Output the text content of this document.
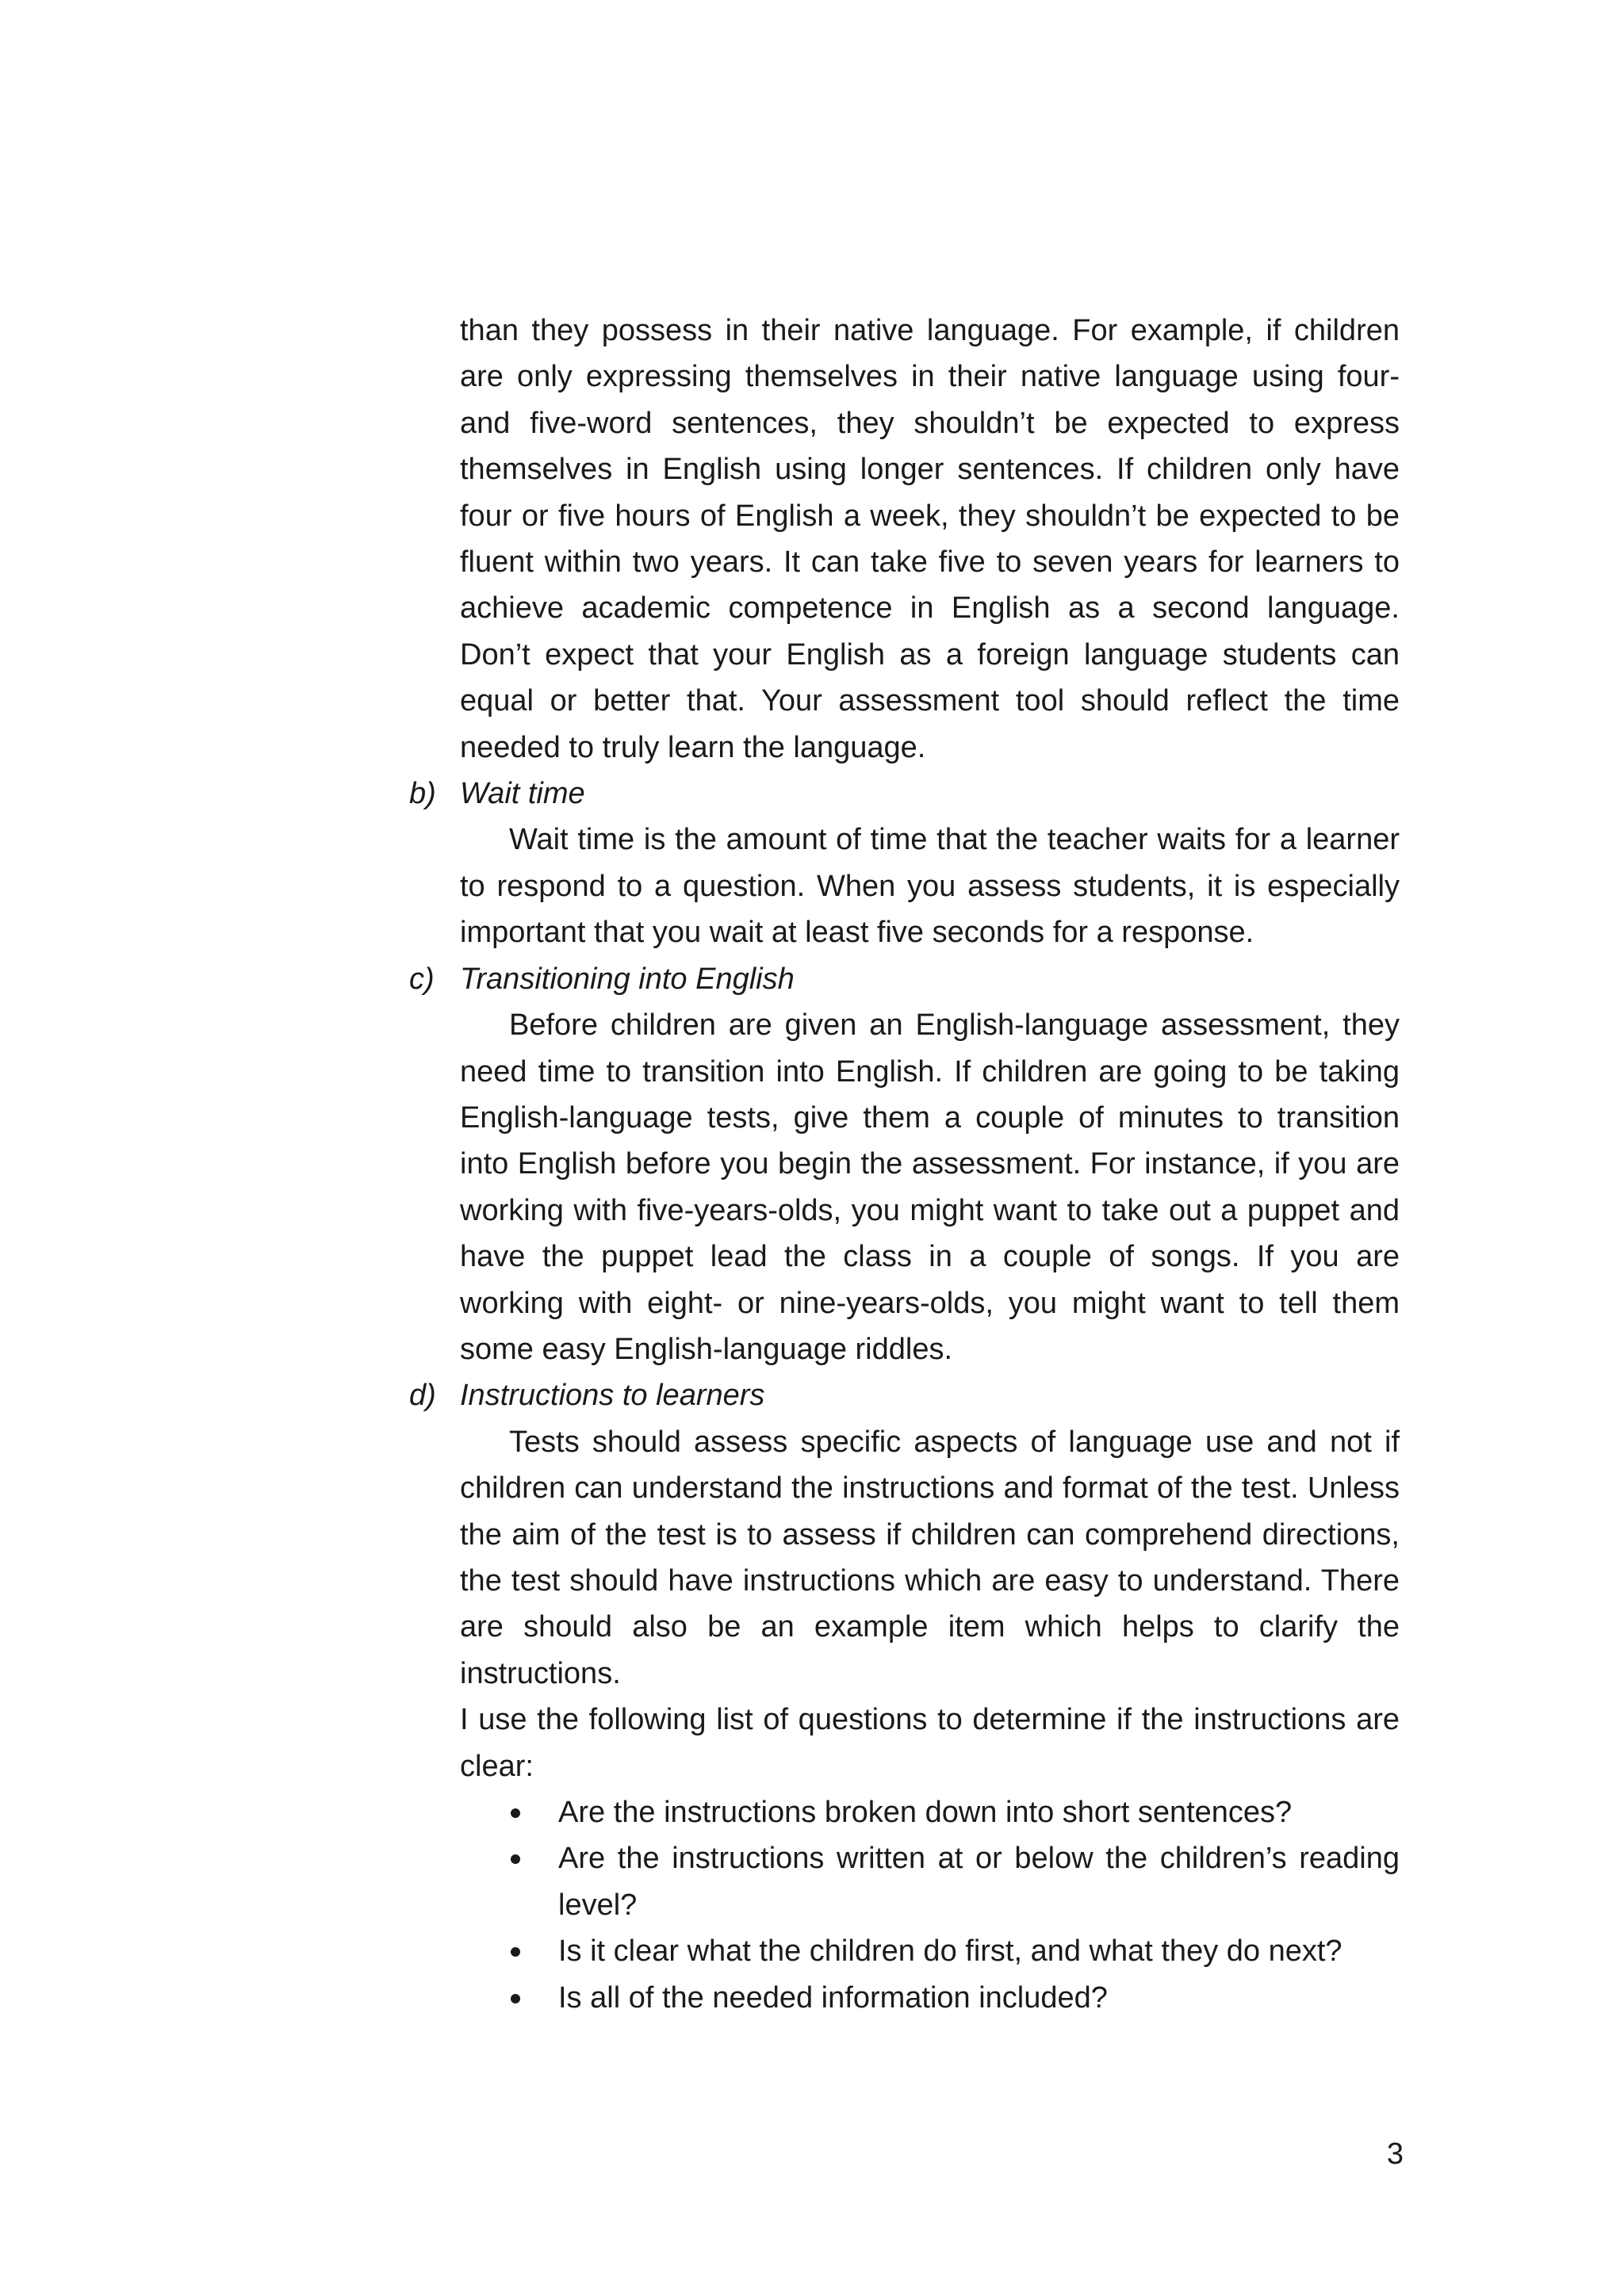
than they possess in their native language. For example, if children are only expressing themselves in their native language using four- and five-word sentences, they shouldn’t be expected to express themselves in English using longer sentences. If children only have four or five hours of English a week, they shouldn’t be expected to be fluent within two years. It can take five to seven years for learners to achieve academic competence in English as a second language. Don’t expect that your English as a foreign language students can equal or better that. Your assessment tool should reflect the time needed to truly learn the language.

b) Wait time

Wait time is the amount of time that the teacher waits for a learner to respond to a question. When you assess students, it is especially important that you wait at least five seconds for a response.

c) Transitioning into English

Before children are given an English-language assessment, they need time to transition into English. If children are going to be taking English-language tests, give them a couple of minutes to transition into English before you begin the assessment. For instance, if you are working with five-years-olds, you might want to take out a puppet and have the puppet lead the class in a couple of songs. If you are working with eight- or nine-years-olds, you might want to tell them some easy English-language riddles.

d) Instructions to learners

Tests should assess specific aspects of language use and not if children can understand the instructions and format of the test. Unless the aim of the test is to assess if children can comprehend directions, the test should have instructions which are easy to understand. There are should also be an example item which helps to clarify the instructions.

I use the following list of questions to determine if the instructions are clear:

Are the instructions broken down into short sentences?
Are the instructions written at or below the children’s reading level?
Is it clear what the children do first, and what they do next?
Is all of the needed information included?
3
